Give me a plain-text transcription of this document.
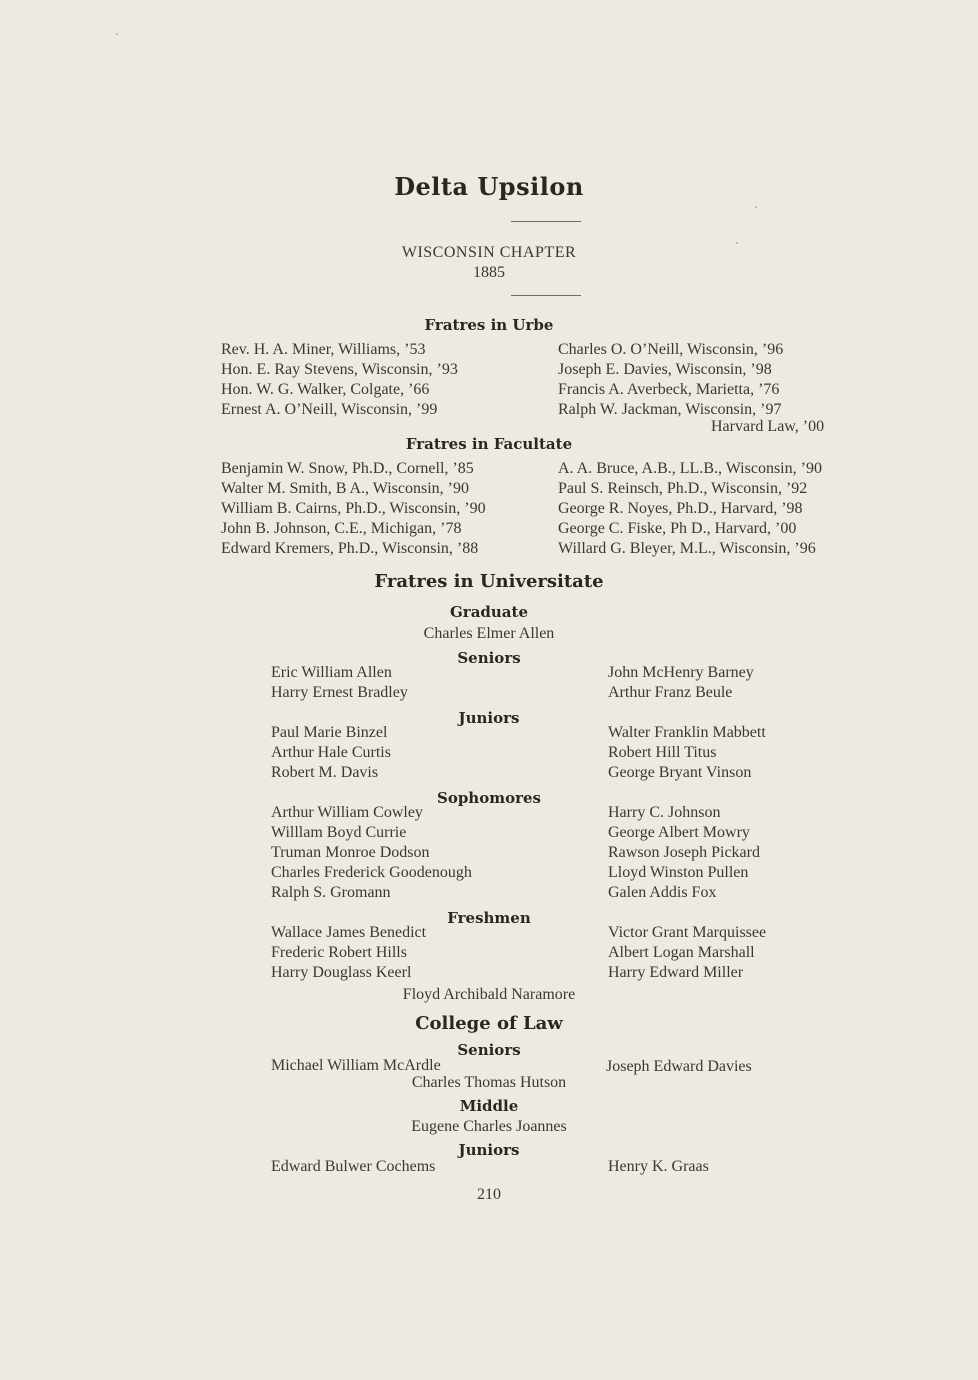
Delta Upsilon
WISCONSIN CHAPTER
1885
Fratres in Urbe
Rev. H. A. Miner, Williams, ’53
Hon. E. Ray Stevens, Wisconsin, ’93
Hon. W. G. Walker, Colgate, ’66
Ernest A. O’Neill, Wisconsin, ’99
Charles O. O’Neill, Wisconsin, ’96
Joseph E. Davies, Wisconsin, ’98
Francis A. Averbeck, Marietta, ’76
Ralph W. Jackman, Wisconsin, ’97
Harvard Law, ’00
Fratres in Facultate
Benjamin W. Snow, Ph.D., Cornell, ’85
Walter M. Smith, B A., Wisconsin, ’90
William B. Cairns, Ph.D., Wisconsin, ’90
John B. Johnson, C.E., Michigan, ’78
Edward Kremers, Ph.D., Wisconsin, ’88
A. A. Bruce, A.B., LL.B., Wisconsin, ’90
Paul S. Reinsch, Ph.D., Wisconsin, ’92
George R. Noyes, Ph.D., Harvard, ’98
George C. Fiske, Ph D., Harvard, ’00
Willard G. Bleyer, M.L., Wisconsin, ’96
Fratres in Universitate
Graduate
Charles Elmer Allen
Seniors
Eric William Allen
Harry Ernest Bradley
John McHenry Barney
Arthur Franz Beule
Juniors
Paul Marie Binzel
Arthur Hale Curtis
Robert M. Davis
Walter Franklin Mabbett
Robert Hill Titus
George Bryant Vinson
Sophomores
Arthur William Cowley
Willlam Boyd Currie
Truman Monroe Dodson
Charles Frederick Goodenough
Ralph S. Gromann
Harry C. Johnson
George Albert Mowry
Rawson Joseph Pickard
Lloyd Winston Pullen
Galen Addis Fox
Freshmen
Wallace James Benedict
Frederic Robert Hills
Harry Douglass Keerl
Victor Grant Marquissee
Albert Logan Marshall
Harry Edward Miller
Floyd Archibald Naramore
College of Law
Seniors
Michael William McArdle	Joseph Edward Davies
Charles Thomas Hutson
Middle
Eugene Charles Joannes
Juniors
Edward Bulwer Cochems	Henry K. Graas
210
